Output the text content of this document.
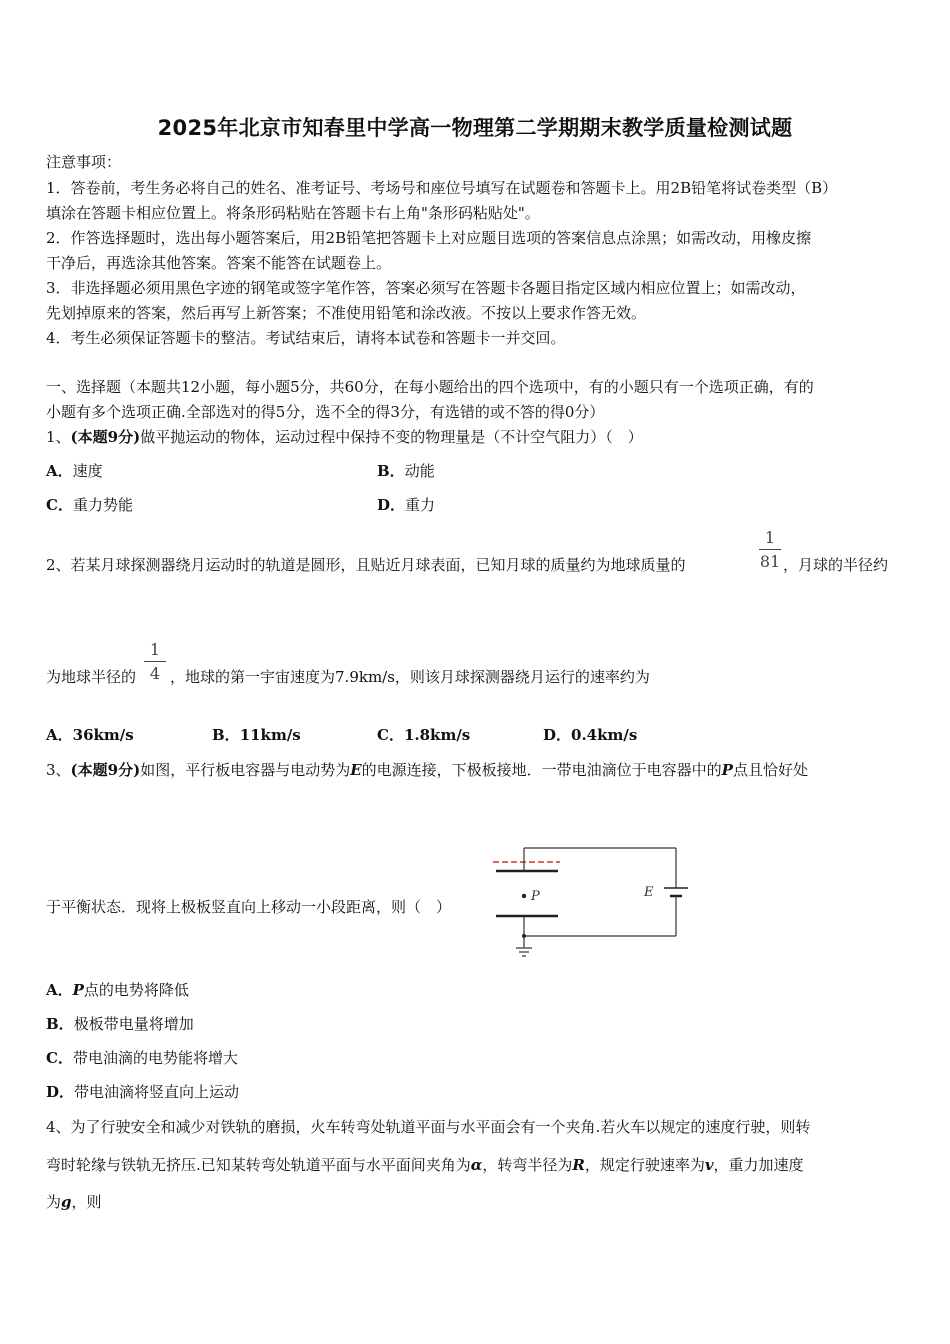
2025年北京市知春里中学高一物理第二学期期末教学质量检测试题
注意事项：
1．答卷前，考生务必将自己的姓名、准考证号、考场号和座位号填写在试题卷和答题卡上。用2B铅笔将试卷类型（B）
填涂在答题卡相应位置上。将条形码粘贴在答题卡右上角"条形码粘贴处"。
2．作答选择题时，选出每小题答案后，用2B铅笔把答题卡上对应题目选项的答案信息点涂黑；如需改动，用橡皮擦
干净后，再选涂其他答案。答案不能答在试题卷上。
3．非选择题必须用黑色字迹的钢笔或签字笔作答，答案必须写在答题卡各题目指定区域内相应位置上；如需改动，
先划掉原来的答案，然后再写上新答案；不准使用铅笔和涂改液。不按以上要求作答无效。
4．考生必须保证答题卡的整洁。考试结束后，请将本试卷和答题卡一并交回。
一、选择题（本题共12小题，每小题5分，共60分，在每小题给出的四个选项中，有的小题只有一个选项正确，有的
小题有多个选项正确.全部选对的得5分，选不全的得3分，有选错的或不答的得0分）
1、(本题9分)做平抛运动的物体，运动过程中保持不变的物理量是（不计空气阻力）（　）
A．速度	B．动能
C．重力势能	D．重力
2、若某月球探测器绕月运动时的轨道是圆形，且贴近月球表面，已知月球的质量约为地球质量的
1
81 ，月球的半径约
为地球半径的
1
4 ，地球的第一宇宙速度为7.9km/s，则该月球探测器绕月运行的速率约为
A．36km/s	B．11km/s	C．1.8km/s	D．0.4km/s
3、(本题9分)如图，平行板电容器与电动势为E的电源连接，下极板接地．一带电油滴位于电容器中的P点且恰好处
于平衡状态．现将上极板竖直向上移动一小段距离，则（　）
P	E
A．P点的电势将降低
B．极板带电量将增加
C．带电油滴的电势能将增大
D．带电油滴将竖直向上运动
4、为了行驶安全和减少对铁轨的磨损，火车转弯处轨道平面与水平面会有一个夹角.若火车以规定的速度行驶，则转
弯时轮缘与铁轨无挤压.已知某转弯处轨道平面与水平面间夹角为α，转弯半径为R，规定行驶速率为v，重力加速度
为g，则
